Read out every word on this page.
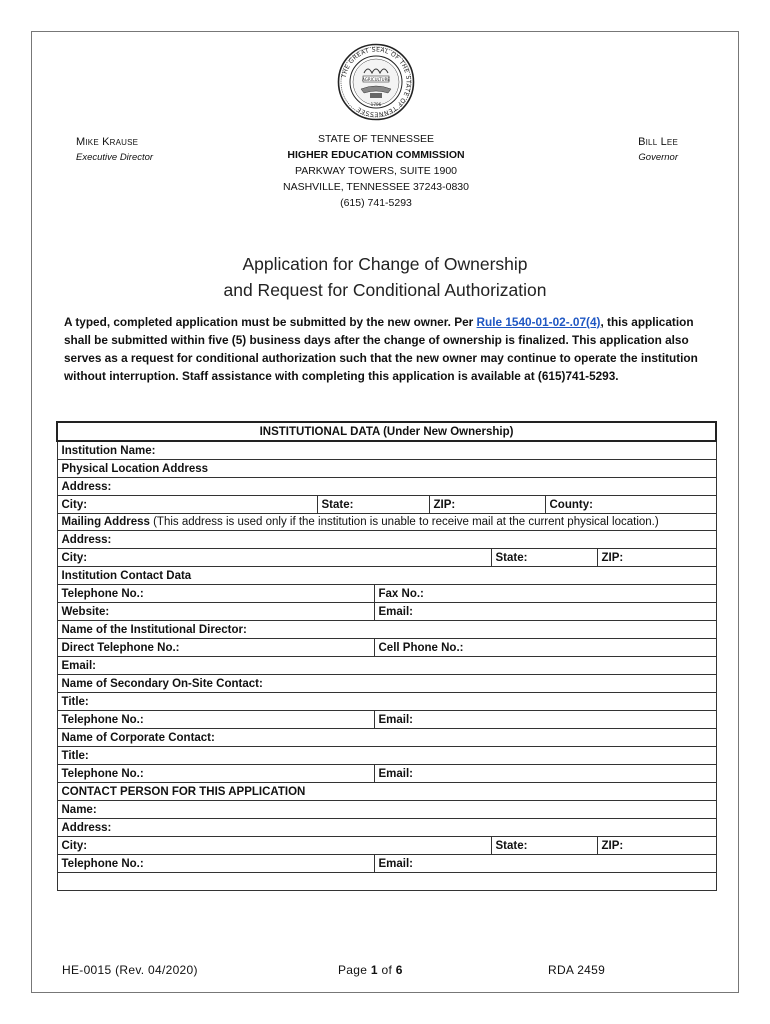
THE GREAT SEAL OF THE STATE OF TENNESSEE
AGRICULTURE
1796
Mike Krause
Executive Director
STATE OF TENNESSEE
HIGHER EDUCATION COMMISSION
PARKWAY TOWERS, SUITE 1900
NASHVILLE, TENNESSEE 37243-0830
(615) 741-5293
Bill Lee
Governor
Application for Change of Ownership
and Request for Conditional Authorization
A typed, completed application must be submitted by the new owner. Per Rule 1540-01-02-.07(4), this application shall be submitted within five (5) business days after the change of ownership is finalized. This application also serves as a request for conditional authorization such that the new owner may continue to operate the institution without interruption. Staff assistance with completing this application is available at (615)741-5293.
INSTITUTIONAL DATA (Under New Ownership)						
Institution Name:						
Physical Location Address						
Address:						
City:	State:		ZIP:		County:	
Mailing Address (This address is used only if the institution is unable to receive mail at the current physical location.)						
Address:						
City:				State:		ZIP:
Institution Contact Data						
Telephone No.:		Fax No.:				
Website:		Email:				
Name of the Institutional Director:						
Direct Telephone No.:		Cell Phone No.:				
Email:						
Name of Secondary On-Site Contact:						
Title:						
Telephone No.:		Email:				
Name of Corporate Contact:						
Title:						
Telephone No.:		Email:				
CONTACT PERSON FOR THIS APPLICATION						
Name:						
Address:						
City:				State:		ZIP:
Telephone No.:		Email:				

HE-0015 (Rev. 04/2020)	Page 1 of 6	RDA 2459
